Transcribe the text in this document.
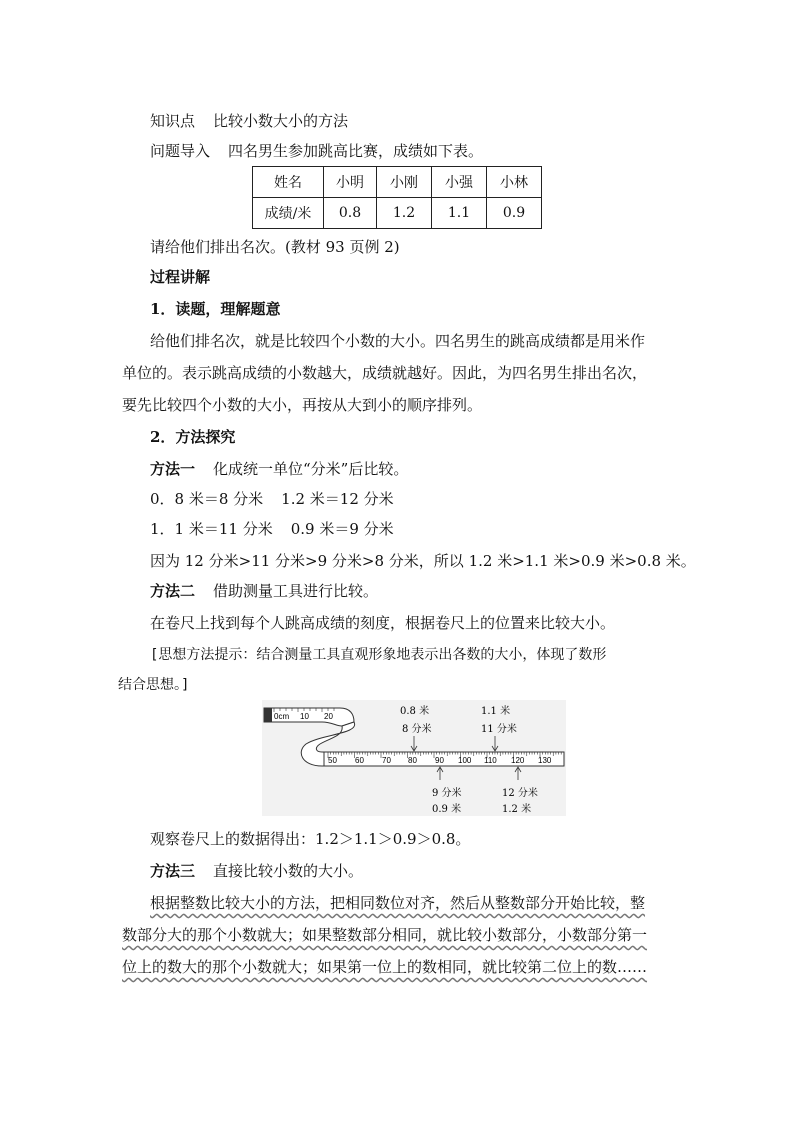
知识点 比较小数大小的方法
问题导入 四名男生参加跳高比赛，成绩如下表。
姓名	小明	小刚	小强	小林
成绩/米	0.8	1.2	1.1	0.9
请给他们排出名次。(教材 93 页例 2)
过程讲解
1．读题，理解题意
给他们排名次，就是比较四个小数的大小。四名男生的跳高成绩都是用米作
单位的。表示跳高成绩的小数越大，成绩就越好。因此，为四名男生排出名次，
要先比较四个小数的大小，再按从大到小的顺序排列。
2．方法探究
方法一 化成统一单位“分米”后比较。
0．8 米＝8 分米 1.2 米＝12 分米
1．1 米＝11 分米 0.9 米＝9 分米
因为 12 分米>11 分米>9 分米>8 分米，所以 1.2 米>1.1 米>0.9 米>0.8 米。
方法二 借助测量工具进行比较。
在卷尺上找到每个人跳高成绩的刻度，根据卷尺上的位置来比较大小。
[思想方法提示：结合测量工具直观形象地表示出各数的大小，体现了数形
结合思想。]
0cm 10 20
50 60 70 80 90 100 110 120 130
0.8 米
8 分米
1.1 米
11 分米
9 分米
0.9 米
12 分米
1.2 米
观察卷尺上的数据得出：1.2＞1.1＞0.9＞0.8。
方法三 直接比较小数的大小。
根据整数比较大小的方法，把相同数位对齐，然后从整数部分开始比较，整
数部分大的那个小数就大；如果整数部分相同，就比较小数部分，小数部分第一
位上的数大的那个小数就大；如果第一位上的数相同，就比较第二位上的数……
